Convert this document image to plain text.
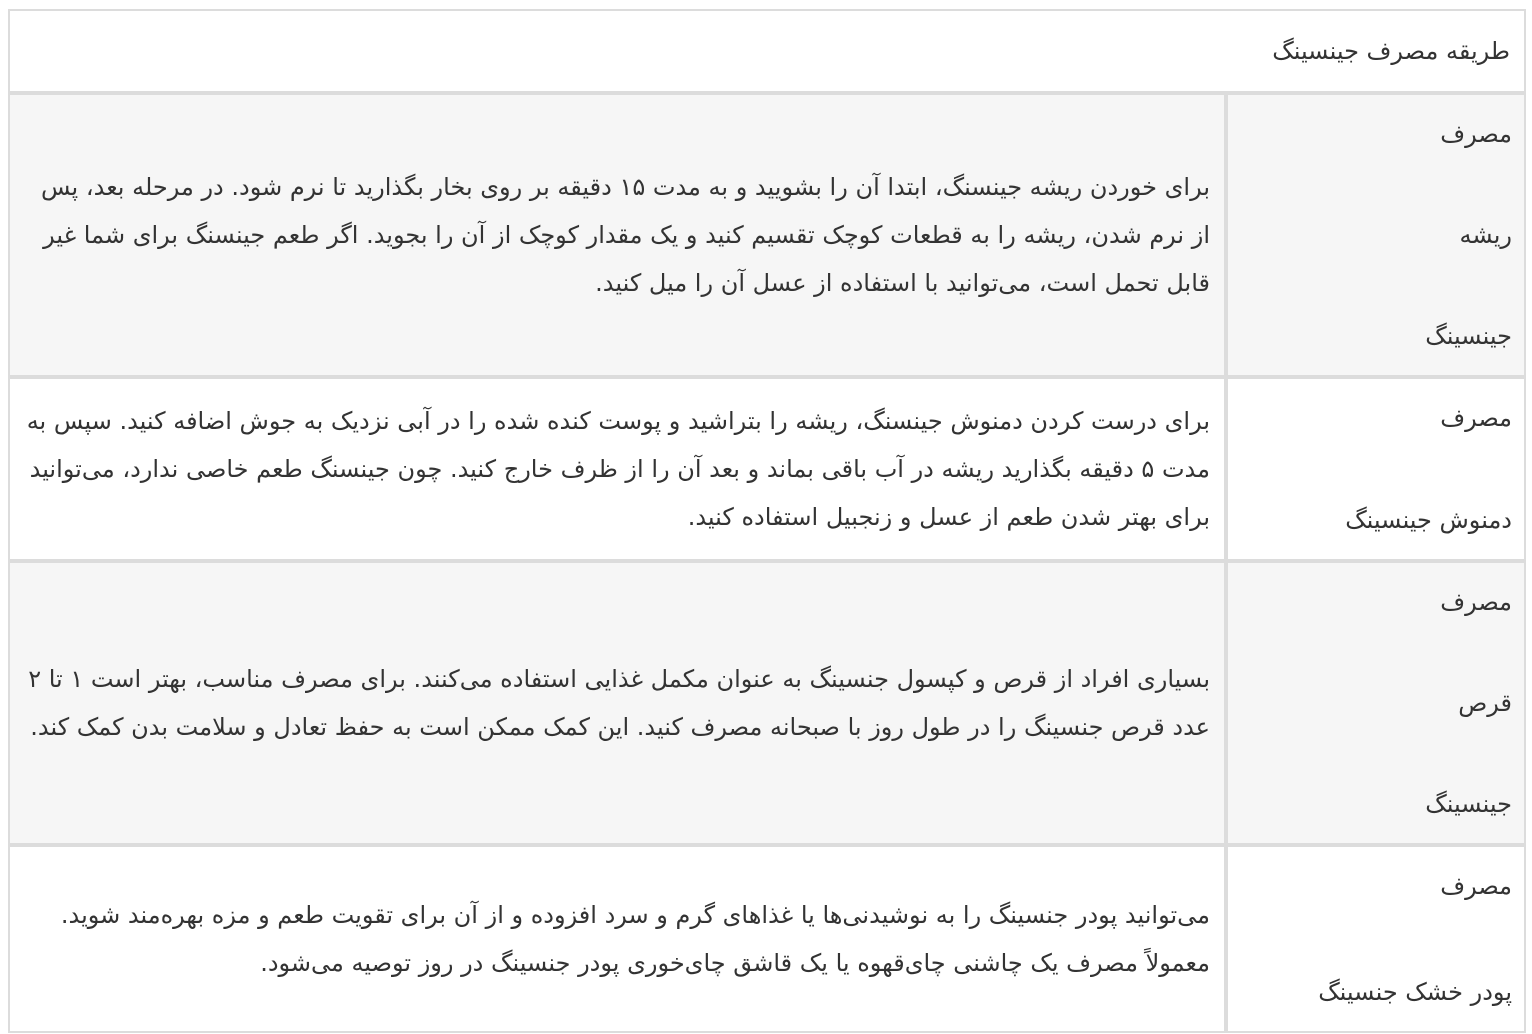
طریقه مصرف جینسینگ
مصرف
ریشه
جینسینگ

برای خوردن ریشه جینسنگ، ابتدا آن را بشویید و به مدت ۱۵ دقیقه بر روی بخار بگذارید تا نرم شود. در مرحله بعد، پس از نرم شدن، ریشه را به قطعات کوچک تقسیم کنید و یک مقدار کوچک از آن را بجوید. اگر طعم جینسنگ برای شما غیر قابل تحمل است، می‌توانید با استفاده از عسل آن را میل کنید.

مصرف
دمنوش جینسینگ

برای درست کردن دمنوش جینسنگ، ریشه را بتراشید و پوست کنده شده را در آبی نزدیک به جوش اضافه کنید. سپس به مدت ۵ دقیقه بگذارید ریشه در آب باقی بماند و بعد آن را از ظرف خارج کنید. چون جینسنگ طعم خاصی ندارد، می‌توانید برای بهتر شدن طعم از عسل و زنجبیل استفاده کنید.

مصرف
قرص
جینسینگ

بسیاری افراد از قرص و کپسول جنسینگ به عنوان مکمل غذایی استفاده می‌کنند. برای مصرف مناسب، بهتر است ۱ تا ۲ عدد قرص جنسینگ را در طول روز با صبحانه مصرف کنید. این کمک ممکن است به حفظ تعادل و سلامت بدن کمک کند.

مصرف
پودر خشک جنسینگ

می‌توانید پودر جنسینگ را به نوشیدنی‌ها یا غذاهای گرم و سرد افزوده و از آن برای تقویت طعم و مزه بهره‌مند شوید. معمولاً مصرف یک چاشنی چای‌قهوه یا یک قاشق چای‌خوری پودر جنسینگ در روز توصیه می‌شود.
